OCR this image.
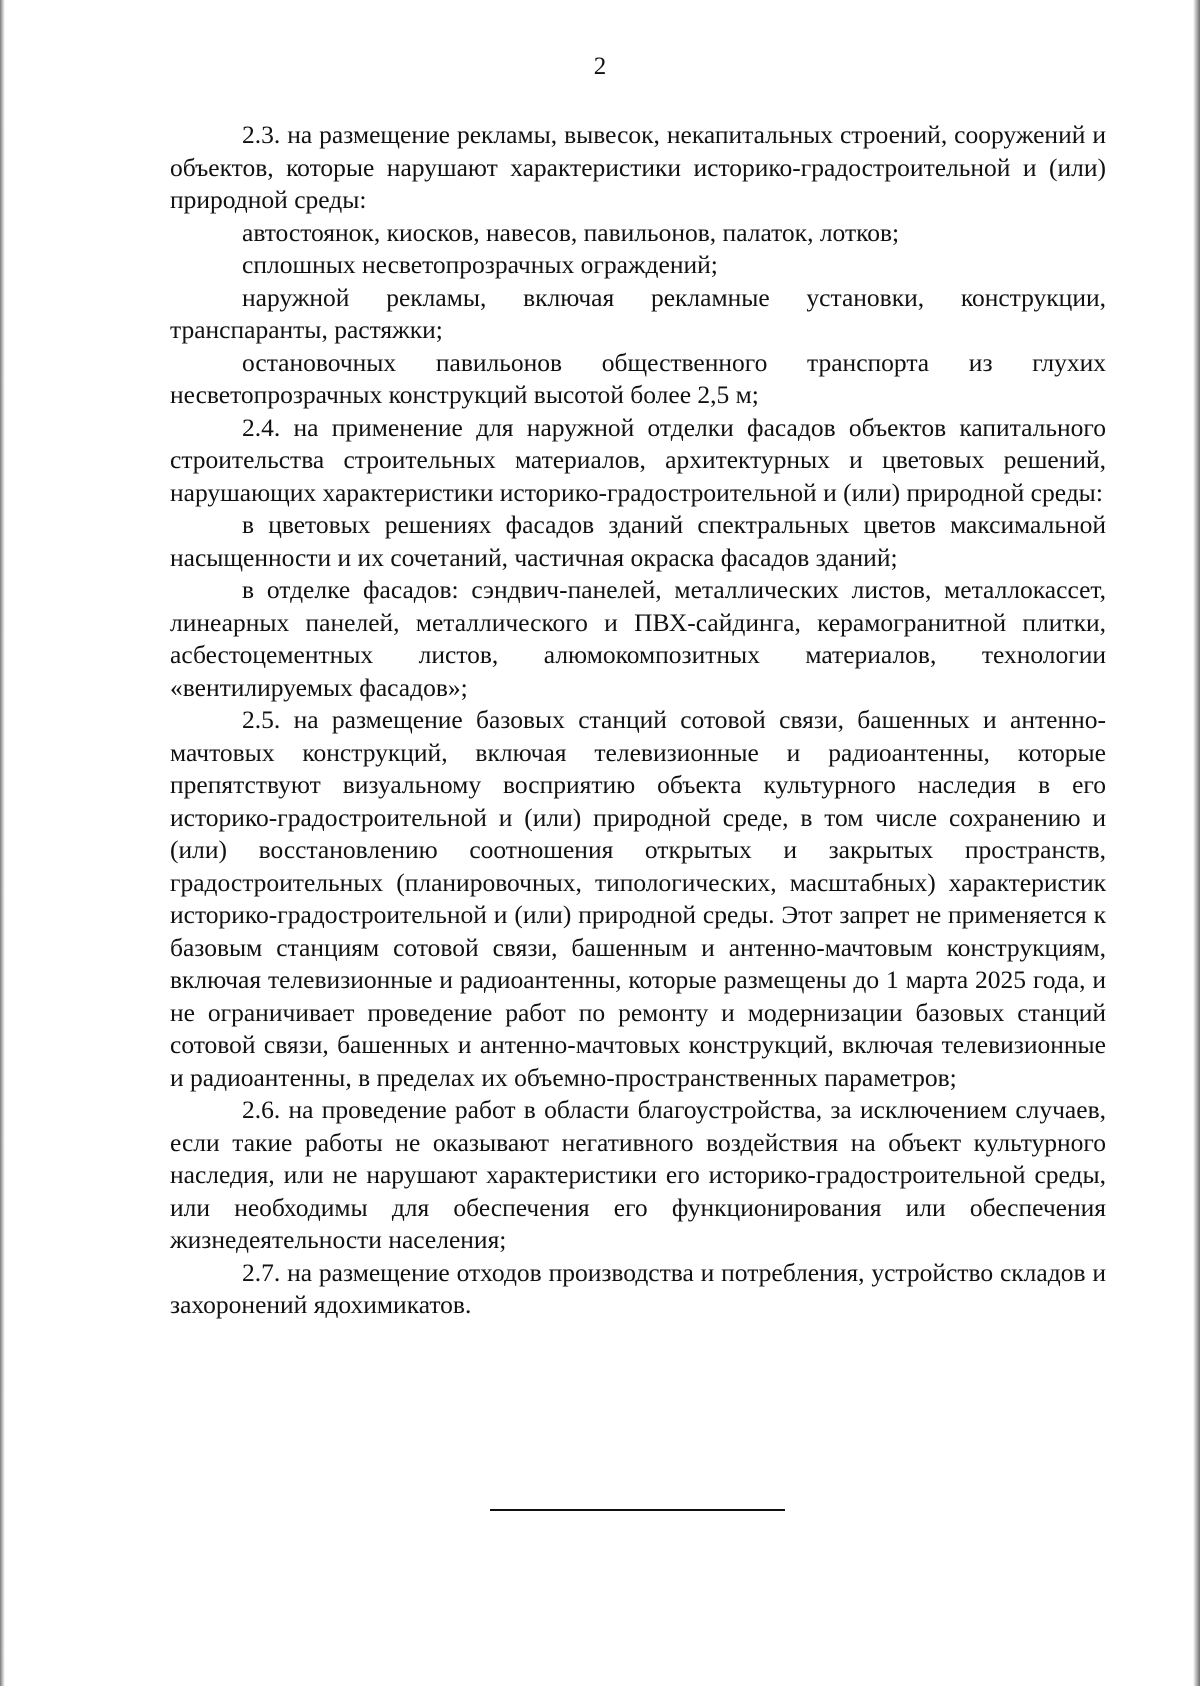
2

2.3. на размещение рекламы, вывесок, некапитальных строений, сооружений и объектов, которые нарушают характеристики историко-градостроительной и (или) природной среды:

автостоянок, киосков, навесов, павильонов, палаток, лотков;

сплошных несветопрозрачных ограждений;

наружной рекламы, включая рекламные установки, конструкции, транспаранты, растяжки;

остановочных павильонов общественного транспорта из глухих несветопрозрачных конструкций высотой более 2,5 м;

2.4. на применение для наружной отделки фасадов объектов капитального строительства строительных материалов, архитектурных и цветовых решений, нарушающих характеристики историко-градостроительной и (или) природной среды:

в цветовых решениях фасадов зданий спектральных цветов максимальной насыщенности и их сочетаний, частичная окраска фасадов зданий;

в отделке фасадов: сэндвич-панелей, металлических листов, металлокассет, линеарных панелей, металлического и ПВХ-сайдинга, керамогранитной плитки, асбестоцементных листов, алюмокомпозитных материалов, технологии «вентилируемых фасадов»;

2.5. на размещение базовых станций сотовой связи, башенных и антенно-мачтовых конструкций, включая телевизионные и радиоантенны, которые препятствуют визуальному восприятию объекта культурного наследия в его историко-градостроительной и (или) природной среде, в том числе сохранению и (или) восстановлению соотношения открытых и закрытых пространств, градостроительных (планировочных, типологических, масштабных) характеристик историко-градостроительной и (или) природной среды. Этот запрет не применяется к базовым станциям сотовой связи, башенным и антенно-мачтовым конструкциям, включая телевизионные и радиоантенны, которые размещены до 1 марта 2025 года, и не ограничивает проведение работ по ремонту и модернизации базовых станций сотовой связи, башенных и антенно-мачтовых конструкций, включая телевизионные и радиоантенны, в пределах их объемно-пространственных параметров;

2.6. на проведение работ в области благоустройства, за исключением случаев, если такие работы не оказывают негативного воздействия на объект культурного наследия, или не нарушают характеристики его историко-градостроительной среды, или необходимы для обеспечения его функционирования или обеспечения жизнедеятельности населения;

2.7. на размещение отходов производства и потребления, устройство складов и захоронений ядохимикатов.
